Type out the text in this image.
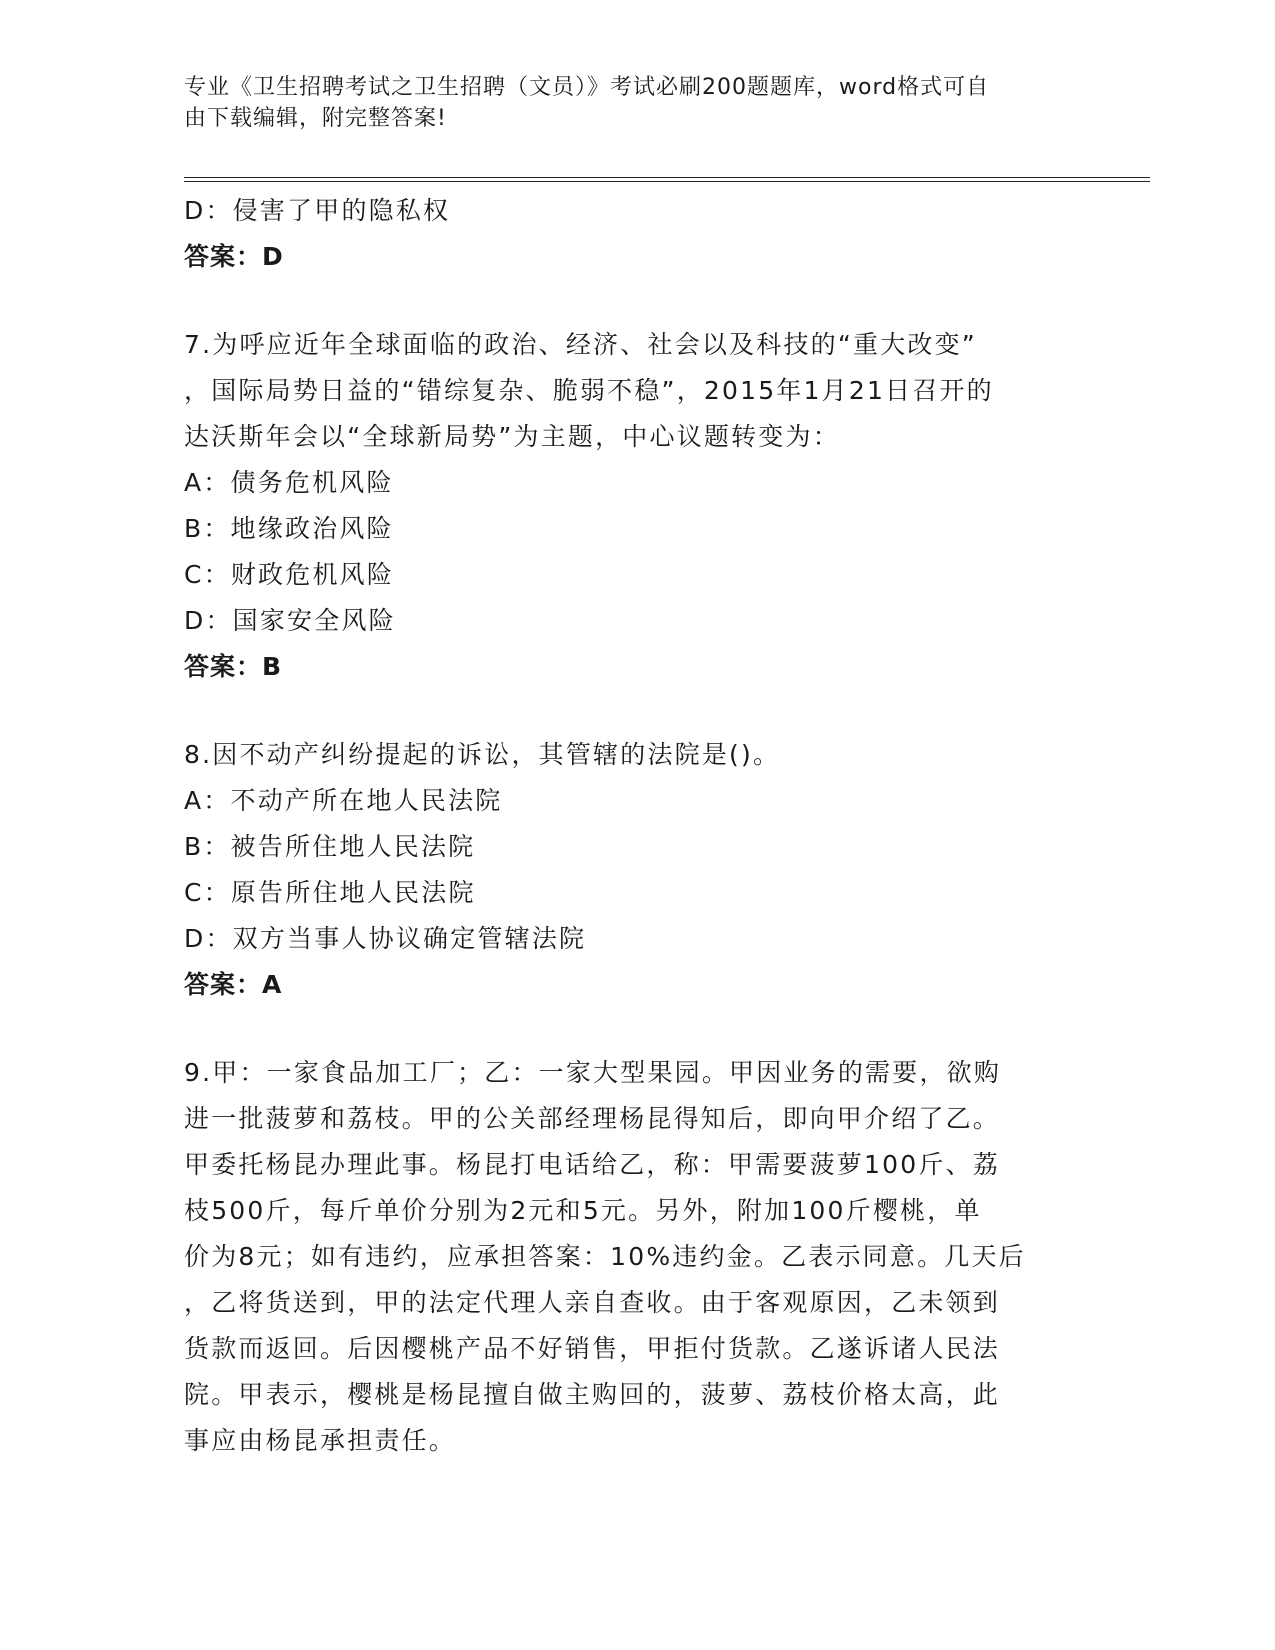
专业《卫生招聘考试之卫生招聘（文员）》考试必刷200题题库，word格式可自
由下载编辑，附完整答案!
D：侵害了甲的隐私权
答案：D
7.为呼应近年全球面临的政治、经济、社会以及科技的“重大改变”
，国际局势日益的“错综复杂、脆弱不稳”，2015年1月21日召开的
达沃斯年会以“全球新局势”为主题，中心议题转变为：
A：债务危机风险
B：地缘政治风险
C：财政危机风险
D：国家安全风险
答案：B
8.因不动产纠纷提起的诉讼，其管辖的法院是()。
A：不动产所在地人民法院
B：被告所住地人民法院
C：原告所住地人民法院
D：双方当事人协议确定管辖法院
答案：A
9.甲：一家食品加工厂；乙：一家大型果园。甲因业务的需要，欲购
进一批菠萝和荔枝。甲的公关部经理杨昆得知后，即向甲介绍了乙。
甲委托杨昆办理此事。杨昆打电话给乙，称：甲需要菠萝100斤、荔
枝500斤，每斤单价分别为2元和5元。另外，附加100斤樱桃，单
价为8元；如有违约，应承担答案：10%违约金。乙表示同意。几天后
，乙将货送到，甲的法定代理人亲自查收。由于客观原因，乙未领到
货款而返回。后因樱桃产品不好销售，甲拒付货款。乙遂诉诸人民法
院。甲表示，樱桃是杨昆擅自做主购回的，菠萝、荔枝价格太高，此
事应由杨昆承担责任。
